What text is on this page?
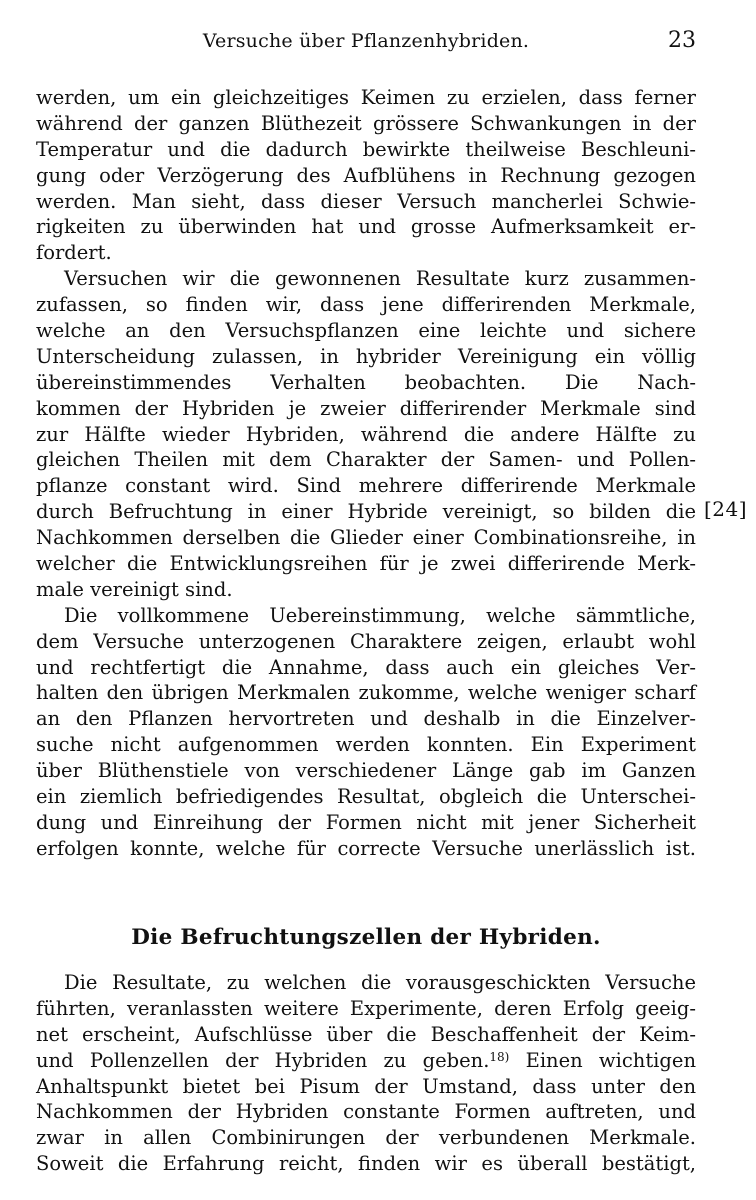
Versuche über Pflanzenhybriden.	23
werden, um ein gleichzeitiges Keimen zu erzielen, dass ferner
während der ganzen Blüthezeit grössere Schwankungen in der
Temperatur und die dadurch bewirkte theilweise Beschleuni-
gung oder Verzögerung des Aufblühens in Rechnung gezogen
werden. Man sieht, dass dieser Versuch mancherlei Schwie-
rigkeiten zu überwinden hat und grosse Aufmerksamkeit er-
fordert.
Versuchen wir die gewonnenen Resultate kurz zusammen-
zufassen, so finden wir, dass jene differirenden Merkmale,
welche an den Versuchspflanzen eine leichte und sichere
Unterscheidung zulassen, in hybrider Vereinigung ein völlig
übereinstimmendes Verhalten beobachten. Die Nach-
kommen der Hybriden je zweier differirender Merkmale sind
zur Hälfte wieder Hybriden, während die andere Hälfte zu
gleichen Theilen mit dem Charakter der Samen- und Pollen-
pflanze constant wird. Sind mehrere differirende Merkmale
durch Befruchtung in einer Hybride vereinigt, so bilden die
Nachkommen derselben die Glieder einer Combinationsreihe, in
welcher die Entwicklungsreihen für je zwei differirende Merk-
male vereinigt sind.
Die vollkommene Uebereinstimmung, welche sämmtliche,
dem Versuche unterzogenen Charaktere zeigen, erlaubt wohl
und rechtfertigt die Annahme, dass auch ein gleiches Ver-
halten den übrigen Merkmalen zukomme, welche weniger scharf
an den Pflanzen hervortreten und deshalb in die Einzelver-
suche nicht aufgenommen werden konnten. Ein Experiment
über Blüthenstiele von verschiedener Länge gab im Ganzen
ein ziemlich befriedigendes Resultat, obgleich die Unterschei-
dung und Einreihung der Formen nicht mit jener Sicherheit
erfolgen konnte, welche für correcte Versuche unerlässlich ist.
[24]
Die Befruchtungszellen der Hybriden.
Die Resultate, zu welchen die vorausgeschickten Versuche
führten, veranlassten weitere Experimente, deren Erfolg geeig-
net erscheint, Aufschlüsse über die Beschaffenheit der Keim-
und Pollenzellen der Hybriden zu geben.$^{18)}$ Einen wichtigen
Anhaltspunkt bietet bei Pisum der Umstand, dass unter den
Nachkommen der Hybriden constante Formen auftreten, und
zwar in allen Combinirungen der verbundenen Merkmale.
Soweit die Erfahrung reicht, finden wir es überall bestätigt,
